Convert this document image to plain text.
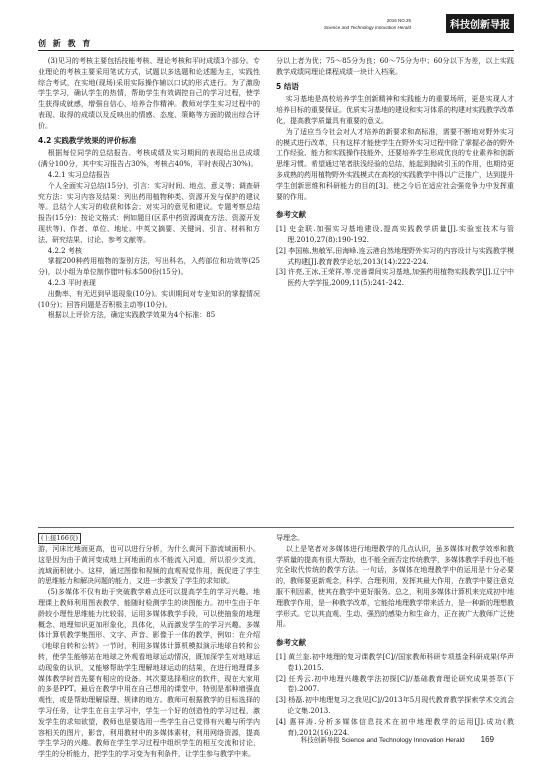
创 新 教 育
2016 NO.25
Science and Technology Innovation Herald	科技创新导报

(3)见习的考核主要包括技能考核、理论考核和平时成绩3个部分。专业理论的考核主要采用笔试方式，试题以多选题和论述题为主，实践性综合考试，在实地(现场)采用实际操作辅以口试的形式进行。为了激励学生学习，确认学生的热情，帮助学生有效调控自己的学习过程，使学生获得成就感，增强自信心，培养合作精神。教师对学生实习过程中的表现、取得的成绩以及反映出的情感、态度、策略等方面的做出综合评价。

4.2 实践教学效果的评价标准

根据每位同学的总结报告、考核成绩及实习期间的表现给出总成绩(满分100分，其中实习报告占30%，考核占40%，平时表现占30%)。

4.2.1 实习总结报告

个人全面实习总结(15分)，引言：实习时间、地点、意义等；调查研究方法：实习内容及结果：列出药用植物种类、资源开发与保护的建议等。总结个人实习的收获和体会；对实习的意见和建议。专题考察总结报告(15分)：按论文格式：例如题目(区系中药资源调查方法、资源开发现状等)、作者、单位、地址、中英文摘要、关键词、引言、材料和方法、研究结果、讨论、参考文献等。

4.2.2 考核

掌握200种药用植物的鉴别方法，写出科名，入药部位和功效等(25分)，以小组为单位制作腊叶标本500份(15分)。

4.2.3 平时表现

出勤率、有无迟到早退现象(10分)。实训期间对专业知识的掌握情况(10分)；回答问题是否积极主动等(10分)。

根据以上评价方法，确定实践教学效果为4个标准：85

分以上者为优；75～85分为良；60～75分为中；60分以下为差，以上实践教学成绩同理论课程成绩一块计入档案。

5 结语

实习基地是高校培养学生创新精神和实践能力的重要场所，更是实现人才培养目标的重要保证。优质实习基地的建设和实习体系的构建对实践教学改革化，提高教学质量具有重要的意义。

为了适应当今社会对人才培养的新要求和高标准，需要不断地对野外实习的模式进行改革，只有这样才能使学生在野外实习过程中除了掌握必备的野外工作经验、能力和实践操作技能外，还要培养学生形成优良的专业素养和创新思维习惯。希望通过笔者肤浅经验的总结，能起到抛砖引玉的作用，也期待更多成熟的药用植物野外实践模式在高校的实践教学中得以广泛推广，达到提升学生创新思维和科研能力的目的[3]，使之今后在适应社会强竞争力中发挥重要的作用。

参考文献

[1] 史金联.加强实习基地建设,提高实践教学质量[J].实验室技术与管理.2010,27(8):190-192.

[2] 李国栋,焦敏军,田海峰.连云港自然地理野外实习的内容设计与实践教学模式构建[J].教育教学论坛,2013(14):222-224.

[3] 许亮,王冰,王荣祥,等.完善课间实习基地,加强药用植物实践教学[J].辽宁中医药大学学报,2009,11(5):241-242.

(上接166页)

游，河床比地面更高，也可以进行分析，为什么黄河下游流域面积小。这是因为由于黄河变成地上河地面的水不能流入河道，所以很少支流，流域面积就小。这样，通过图像和视频的直观视觉作用，既促进了学生的思维能力和解决问题的能力，又进一步激发了学生的求知欲。

(5)多媒体不仅有助于突破教学难点还可以提高学生的学习兴趣。地理课上教师利用图表教学，能随时检测学生的读图能力。初中生由于年龄较小理性思维能力比较弱，运用多媒体教学手段，可以使抽象的地理概念、地理知识更加形象化，具体化，从而激发学生的学习兴趣。多媒体计算机教学集图形、文字、声音、影像于一体的教学，例如：在介绍《地球自转和公转》一节时，利用多媒体计算机模拟演示地球自转和公转，使学生能够站在地球之外观看地球运动情况，既加深学生对地球运动现象的认识，又能够帮助学生理解地球运动的结果，在进行地理课多媒体教学时首先要有相应的设备。其次要选择相应的软件，现在大家用的多是PPT。最后在教学中用在自己想用的课堂中，特别是那种增强直观性，或是帮助理解原理、规律的地方。教师可根据教学的目标选择的学习任务，让学生在自主学习中，学生一个好的创造性的学习过程，激发学生的求知欲望，教师也是要选用一些学生自己觉得有兴趣与所学内容相关的图片，影音，利用教材中的多媒体素材，利用网络资源，提高学生学习的兴趣。教师在学生学习过程中组织学生的相互交流和讨论，学生的分析能力，把学生的学习变为有利条件，让学生参与教学中来。

导理念。

以上是笔者对多媒体进行地理教学的几点认识，虽多媒体对教学效率和教学质量的提高有很大帮助，也不能全面否定传统教学，多媒体教学手段也不能完全取代传统的教学方法。一句话，多媒体在地理教学中的运用是十分必要的，教师要更新观念，科学、合理利用，发挥其最大作用，在教学中要注意克服不利因素，使其在教学中更好服务。总之，利用多媒体计算机来完成初中地理教学作用，是一种教学改革，它能给地理教学带来活力，是一种新的理想教学形式。它以其直观、生动、强烈的感染力和生命力，正在被广大教师广泛使用。

参考文献

[1] 黄兰奎.初中地理的复习课教学[C]//国家教师科研专项基金科研成果(华声卷1).2015.

[2] 任秀云.初中地理兴趣教学法初探[C]//基础教育理论研究成果荟萃(下卷).2007.

[3] 杨磊.初中地理复习之我见[C]//2013年5月现代教育教学探索学术交流会论文集.2013.

[4] 惠祥涛.分析多媒体信息技术在初中地理教学的运用[J].成功(教育),2012(16):224.

科技创新导报 Science and Technology Innovation Herald 169
